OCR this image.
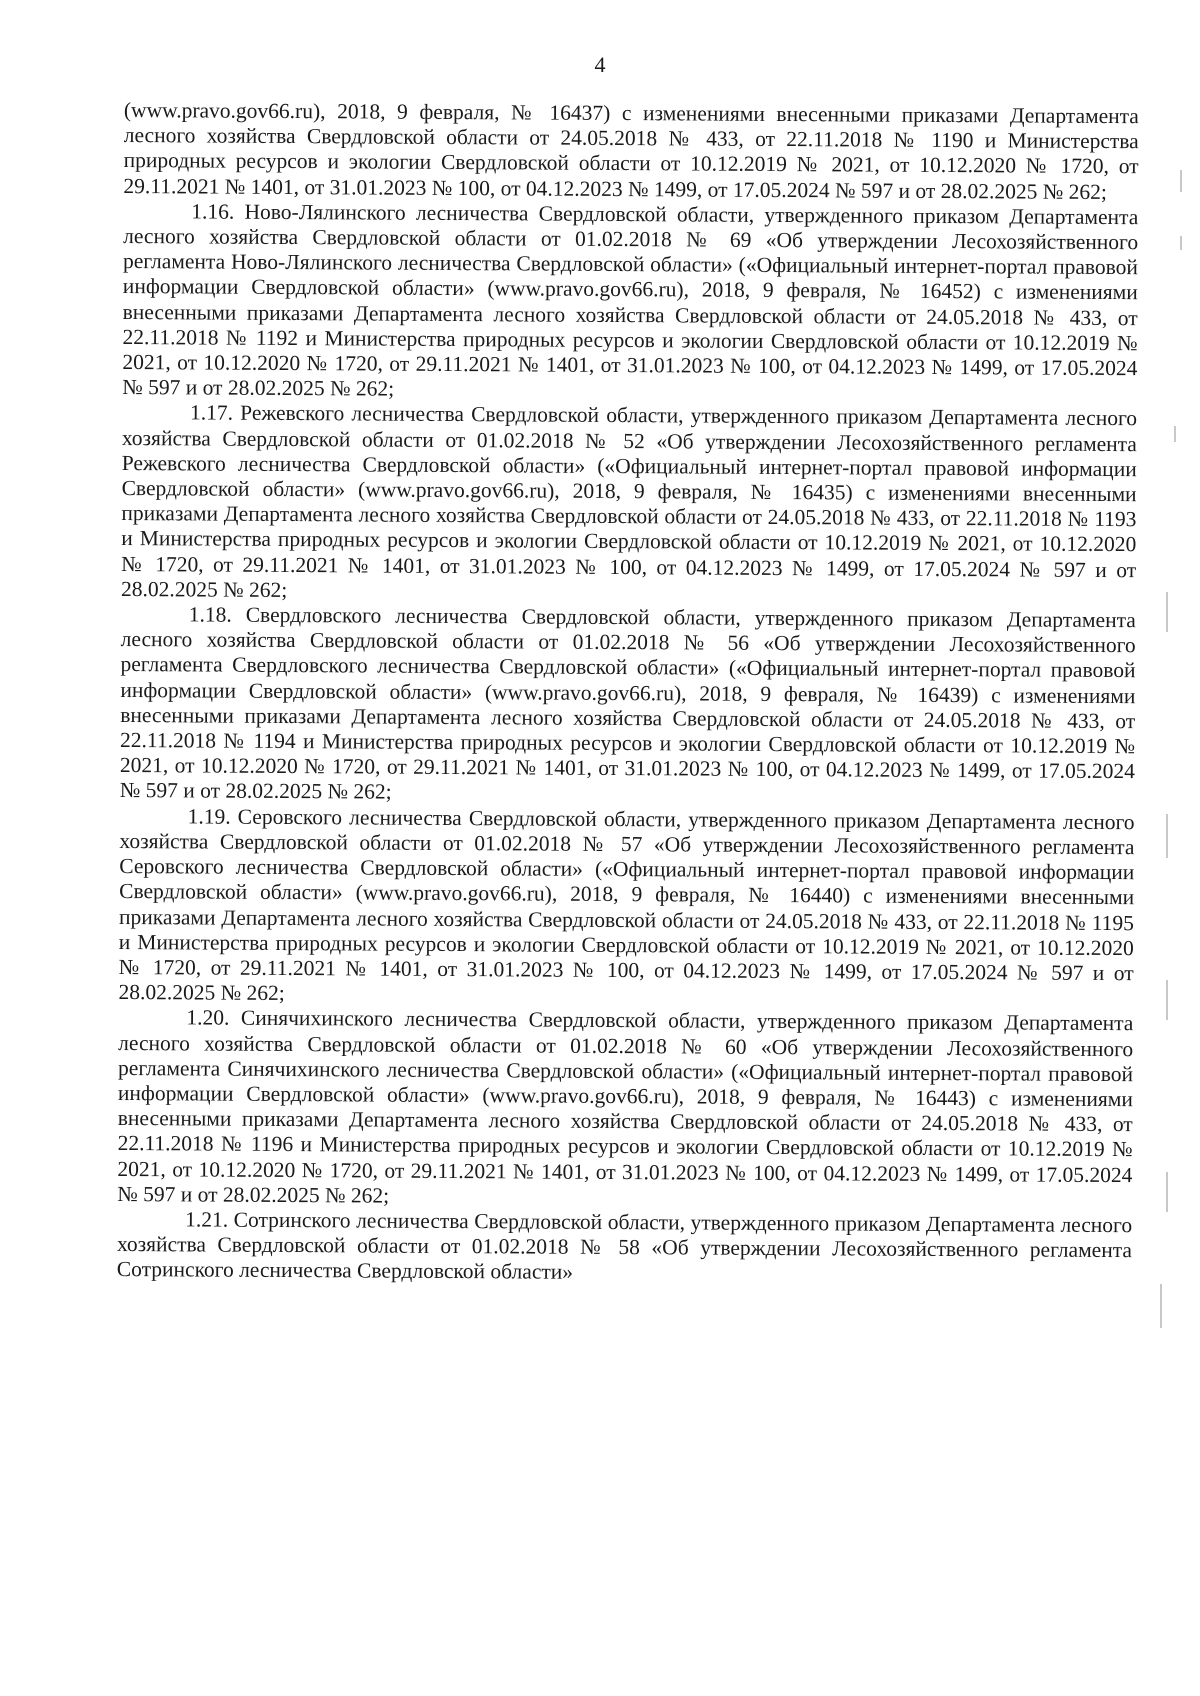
4

(www.pravo.gov66.ru), 2018, 9 февраля, № 16437) с изменениями внесенными приказами Департамента лесного хозяйства Свердловской области от 24.05.2018 № 433, от 22.11.2018 № 1190 и Министерства природных ресурсов и экологии Свердловской области от 10.12.2019 № 2021, от 10.12.2020 № 1720, от 29.11.2021 № 1401, от 31.01.2023 № 100, от 04.12.2023 № 1499, от 17.05.2024 № 597 и от 28.02.2025 № 262;

1.16. Ново-Лялинского лесничества Свердловской области, утвержденного приказом Департамента лесного хозяйства Свердловской области от 01.02.2018 № 69 «Об утверждении Лесохозяйственного регламента Ново-Лялинского лесничества Свердловской области» («Официальный интернет-портал правовой информации Свердловской области» (www.pravo.gov66.ru), 2018, 9 февраля, № 16452) с изменениями внесенными приказами Департамента лесного хозяйства Свердловской области от 24.05.2018 № 433, от 22.11.2018 № 1192 и Министерства природных ресурсов и экологии Свердловской области от 10.12.2019 № 2021, от 10.12.2020 № 1720, от 29.11.2021 № 1401, от 31.01.2023 № 100, от 04.12.2023 № 1499, от 17.05.2024 № 597 и от 28.02.2025 № 262;

1.17. Режевского лесничества Свердловской области, утвержденного приказом Департамента лесного хозяйства Свердловской области от 01.02.2018 № 52 «Об утверждении Лесохозяйственного регламента Режевского лесничества Свердловской области» («Официальный интернет-портал правовой информации Свердловской области» (www.pravo.gov66.ru), 2018, 9 февраля, № 16435) с изменениями внесенными приказами Департамента лесного хозяйства Свердловской области от 24.05.2018 № 433, от 22.11.2018 № 1193 и Министерства природных ресурсов и экологии Свердловской области от 10.12.2019 № 2021, от 10.12.2020 № 1720, от 29.11.2021 № 1401, от 31.01.2023 № 100, от 04.12.2023 № 1499, от 17.05.2024 № 597 и от 28.02.2025 № 262;

1.18. Свердловского лесничества Свердловской области, утвержденного приказом Департамента лесного хозяйства Свердловской области от 01.02.2018 № 56 «Об утверждении Лесохозяйственного регламента Свердловского лесничества Свердловской области» («Официальный интернет-портал правовой информации Свердловской области» (www.pravo.gov66.ru), 2018, 9 февраля, № 16439) с изменениями внесенными приказами Департамента лесного хозяйства Свердловской области от 24.05.2018 № 433, от 22.11.2018 № 1194 и Министерства природных ресурсов и экологии Свердловской области от 10.12.2019 № 2021, от 10.12.2020 № 1720, от 29.11.2021 № 1401, от 31.01.2023 № 100, от 04.12.2023 № 1499, от 17.05.2024 № 597 и от 28.02.2025 № 262;

1.19. Серовского лесничества Свердловской области, утвержденного приказом Департамента лесного хозяйства Свердловской области от 01.02.2018 № 57 «Об утверждении Лесохозяйственного регламента Серовского лесничества Свердловской области» («Официальный интернет-портал правовой информации Свердловской области» (www.pravo.gov66.ru), 2018, 9 февраля, № 16440) с изменениями внесенными приказами Департамента лесного хозяйства Свердловской области от 24.05.2018 № 433, от 22.11.2018 № 1195 и Министерства природных ресурсов и экологии Свердловской области от 10.12.2019 № 2021, от 10.12.2020 № 1720, от 29.11.2021 № 1401, от 31.01.2023 № 100, от 04.12.2023 № 1499, от 17.05.2024 № 597 и от 28.02.2025 № 262;

1.20. Синячихинского лесничества Свердловской области, утвержденного приказом Департамента лесного хозяйства Свердловской области от 01.02.2018 № 60 «Об утверждении Лесохозяйственного регламента Синячихинского лесничества Свердловской области» («Официальный интернет-портал правовой информации Свердловской области» (www.pravo.gov66.ru), 2018, 9 февраля, № 16443) с изменениями внесенными приказами Департамента лесного хозяйства Свердловской области от 24.05.2018 № 433, от 22.11.2018 № 1196 и Министерства природных ресурсов и экологии Свердловской области от 10.12.2019 № 2021, от 10.12.2020 № 1720, от 29.11.2021 № 1401, от 31.01.2023 № 100, от 04.12.2023 № 1499, от 17.05.2024 № 597 и от 28.02.2025 № 262;

1.21. Сотринского лесничества Свердловской области, утвержденного приказом Департамента лесного хозяйства Свердловской области от 01.02.2018 № 58 «Об утверждении Лесохозяйственного регламента Сотринского лесничества Свердловской области»
